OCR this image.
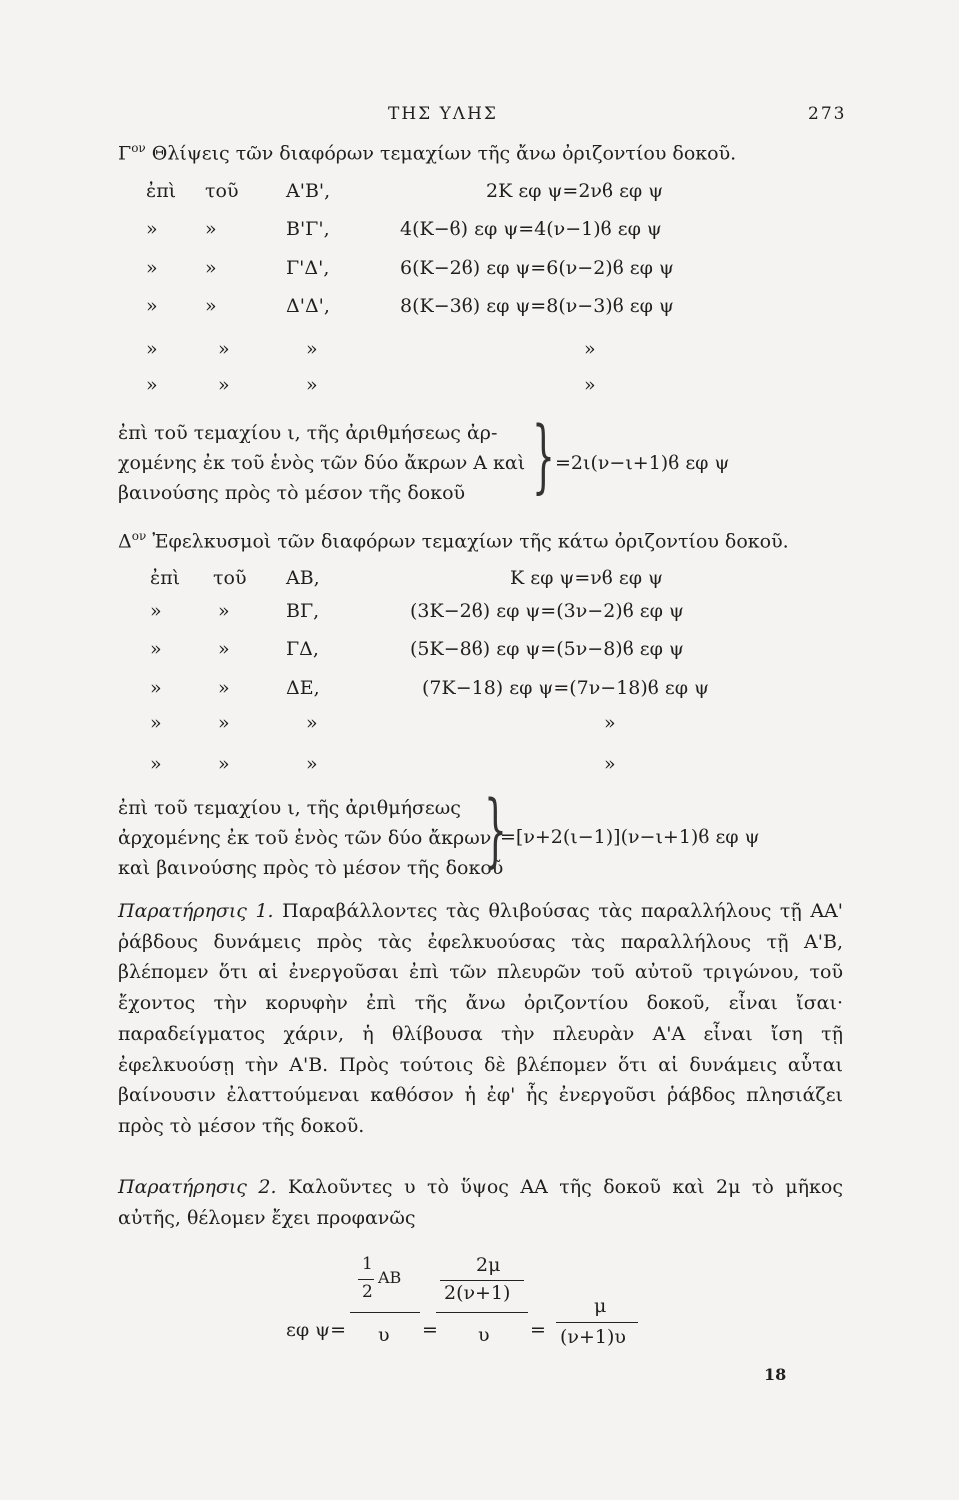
ΤΗΣ ΥΛΗΣ	273
$\Gamma^{o\nu}$ Θλίψεις τῶν διαφόρων τεμαχίων τῆς ἄνω ὀριζοντίου δοκοῦ.
ἐπὶ τοῦ Α'Β',	2Κ εφ ψ=2νϐ εφ ψ
» »	Β'Γ',	4(Κ−ϐ) εφ ψ=4(ν−1)ϐ εφ ψ
» »	Γ'Δ',	6(Κ−2ϐ) εφ ψ=6(ν−2)ϐ εφ ψ
» »	Δ'Δ',	8(Κ−3ϐ) εφ ψ=8(ν−3)ϐ εφ ψ
»	»	»	»
»	»	»	»
ἐπὶ τοῦ τεμαχίου ι, τῆς ἀριθμήσεως ἀρ-
χομένης ἐκ τοῦ ἑνὸς τῶν δύο ἄκρων Α καὶ
βαινούσης πρὸς τὸ μέσον τῆς δοκοῦ } =2ι(ν−ι+1)ϐ εφ ψ
$\Delta^{o\nu}$ Ἐφελκυσμοὶ τῶν διαφόρων τεμαχίων τῆς κάτω ὀριζοντίου δοκοῦ.
ἐπὶ τοῦ ΑΒ,	Κ εφ ψ=νϐ εφ ψ
»	»	ΒΓ,	(3Κ−2ϐ) εφ ψ=(3ν−2)ϐ εφ ψ
»	»	ΓΔ,	(5Κ−8ϐ) εφ ψ=(5ν−8)ϐ εφ ψ
»	»	ΔΕ,	(7Κ−18) εφ ψ=(7ν−18)ϐ εφ ψ
»	»	»	»
»	»	»	»
ἐπὶ τοῦ τεμαχίου ι, τῆς ἀριθμήσεως
ἀρχομένης ἐκ τοῦ ἑνὸς τῶν δύο ἄκρων
καὶ βαινούσης πρὸς τὸ μέσον τῆς δοκοῦ
}
=[ν+2(ι−1)](ν−ι+1)ϐ εφ ψ
Παρατήρησις 1. Παραβάλλοντες τὰς θλιβούσας τὰς παραλλήλους τῇ ΑΑ' ῥάβδους δυνάμεις πρὸς τὰς ἐφελκυούσας τὰς παραλλήλους τῇ Α'Β, βλέπομεν ὅτι αἱ ἐνεργοῦσαι ἐπὶ τῶν πλευρῶν τοῦ αὐτοῦ τριγώνου, τοῦ ἔχοντος τὴν κορυφὴν ἐπὶ τῆς ἄνω ὀριζοντίου δοκοῦ, εἶναι ἴσαι· παραδείγματος χάριν, ἡ θλίβουσα τὴν πλευρὰν Α'Α εἶναι ἴση τῇ ἐφελκυούσῃ τὴν Α'Β. Πρὸς τούτοις δὲ βλέπομεν ὅτι αἱ δυνάμεις αὗται βαίνουσιν ἐλαττούμεναι καθόσον ἡ ἐφ' ἧς ἐνεργοῦσι ῥάβδος πλησιάζει πρὸς τὸ μέσον τῆς δοκοῦ.
Παρατήρησις 2. Καλοῦντες υ τὸ ὕψος ΑΑ τῆς δοκοῦ καὶ 2μ τὸ μῆκος αὐτῆς, θέλομεν ἔχει προφανῶς
εφ ψ=
1
2
ΑΒ
υ =
2μ
2(ν+1)
υ =
μ
(ν+1)υ
18
